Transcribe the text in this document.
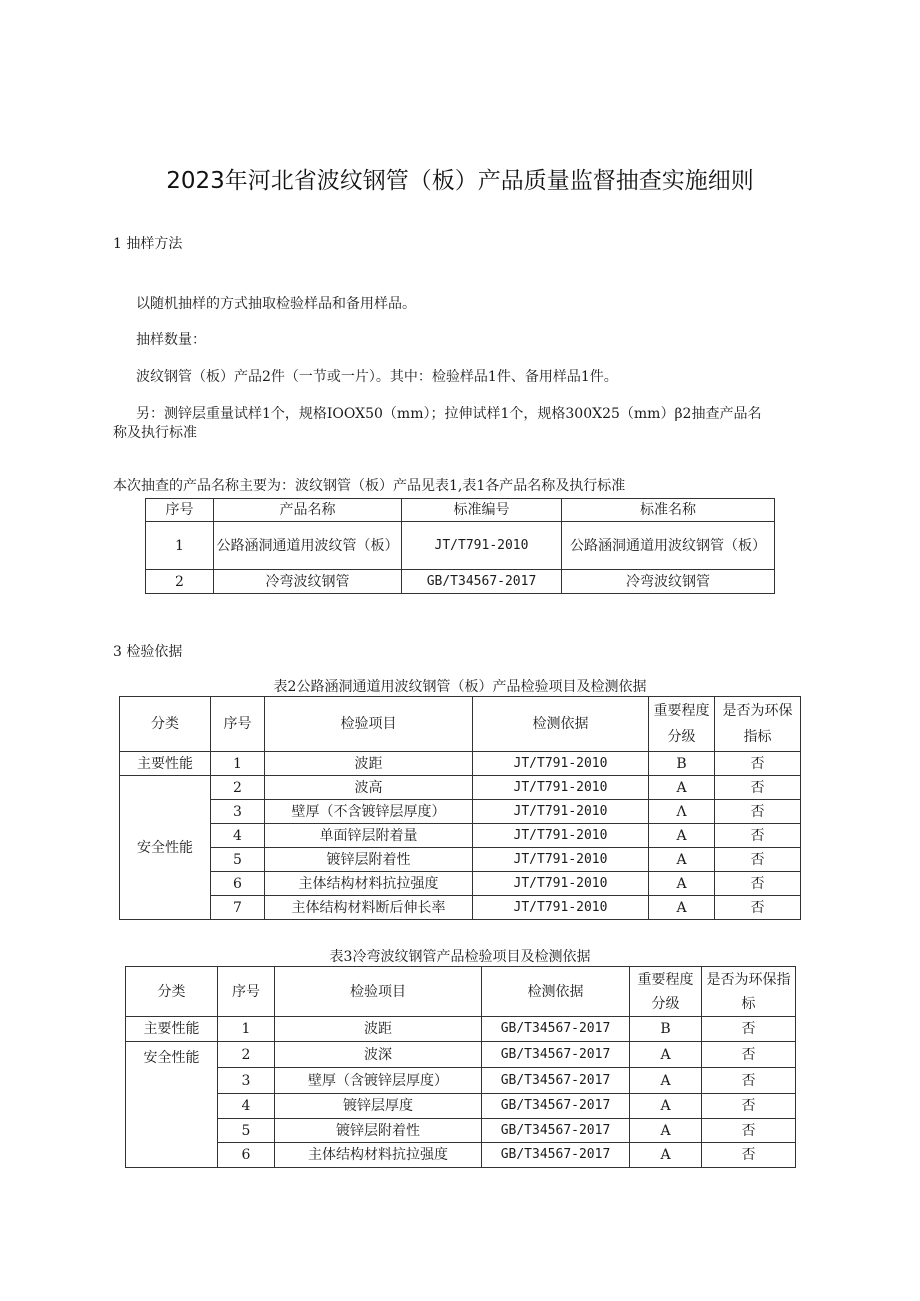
2023年河北省波纹钢管（板）产品质量监督抽查实施细则
1 抽样方法
以随机抽样的方式抽取检验样品和备用样品。
抽样数量：
波纹钢管（板）产品2件（一节或一片）。其中：检验样品1件、备用样品1件。
另：测锌层重量试样1个，规格IOOX50（mm）；拉伸试样1个，规格300X25（mm）β2抽查产品名
称及执行标准
本次抽查的产品名称主要为：波纹钢管（板）产品见表1,表1各产品名称及执行标准
序号	产品名称	标准编号	标准名称
1	公路涵洞通道用波纹管（板）	JT/T791-2010	公路涵洞通道用波纹钢管（板）
2	冷弯波纹钢管	GB/T34567-2017	冷弯波纹钢管
3 检验依据
表2公路涵洞通道用波纹钢管（板）产品检验项目及检测依据
分类	序号	检验项目	检测依据	重要程度分级	是否为环保指标
主要性能	1	波距	JT/T791-2010	B	否
安全性能	2	波高	JT/T791-2010	A	否
	3	壁厚（不含镀锌层厚度）	JT/T791-2010	Λ	否
	4	单面锌层附着量	JT/T791-2010	A	否
	5	镀锌层附着性	JT/T791-2010	A	否
	6	主体结构材料抗拉强度	JT/T791-2010	A	否
	7	主体结构材料断后伸长率	JT/T791-2010	A	否
表3冷弯波纹钢管产品检验项目及检测依据
分类	序号	检验项目	检测依据	重要程度分级	是否为环保指标
主要性能	1	波距	GB/T34567-2017	B	否
安全性能	2	波深	GB/T34567-2017	A	否
	3	壁厚（含镀锌层厚度）	GB/T34567-2017	A	否
	4	镀锌层厚度	GB/T34567-2017	A	否
	5	镀锌层附着性	GB/T34567-2017	A	否
	6	主体结构材料抗拉强度	GB/T34567-2017	A	否
